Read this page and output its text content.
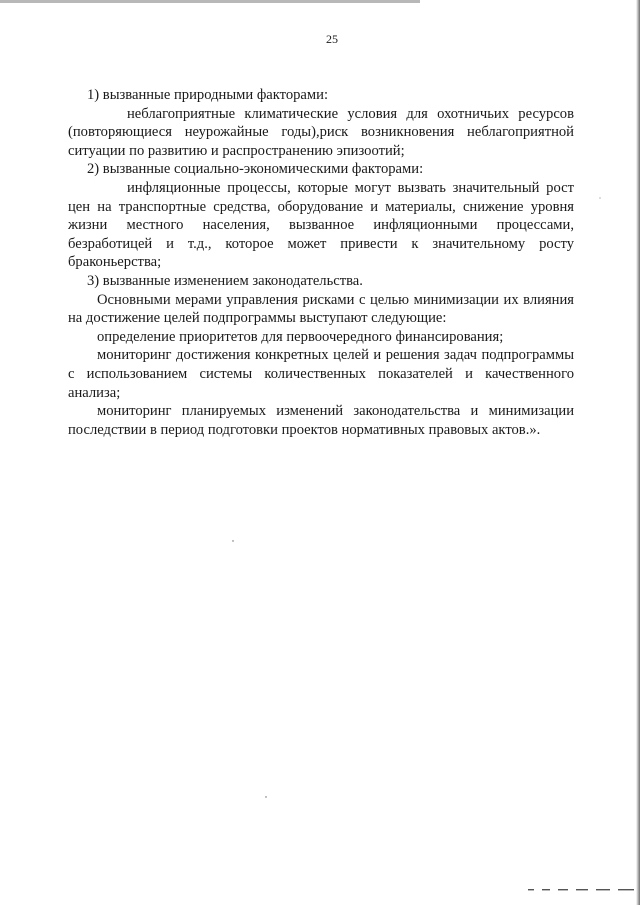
25

1) вызванные природными факторами:

неблагоприятные климатические условия для охотничьих ресурсов (повторяющиеся неурожайные годы),риск возникновения неблагоприятной ситуации по развитию и распространению эпизоотий;

2) вызванные социально-экономическими факторами:

инфляционные процессы, которые могут вызвать значительный рост цен на транспортные средства, оборудование и материалы, снижение уровня жизни местного населения, вызванное инфляционными процессами, безработицей и т.д., которое может привести к значительному росту браконьерства;

3) вызванные изменением законодательства.

Основными мерами управления рисками с целью минимизации их влияния на достижение целей подпрограммы выступают следующие:

определение приоритетов для первоочередного финансирования;

мониторинг достижения конкретных целей и решения задач подпрограммы с использованием системы количественных показателей и качественного анализа;

мониторинг планируемых изменений законодательства и минимизации последствии в период подготовки проектов нормативных правовых актов.».
